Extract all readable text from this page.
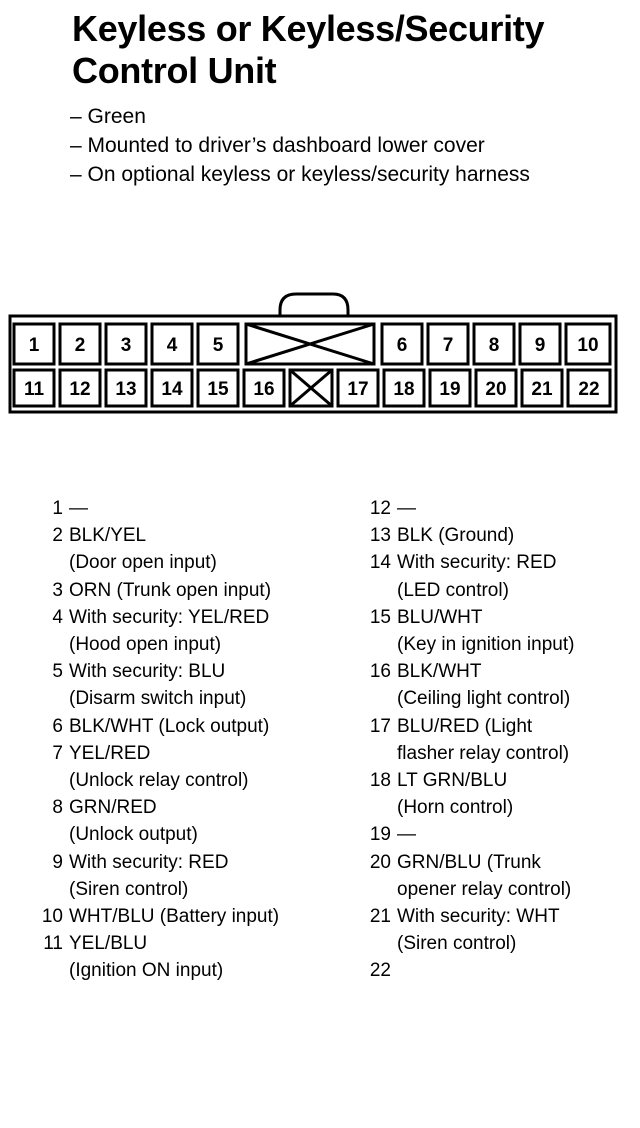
Keyless or Keyless/Security
Control Unit
– Green
– Mounted to driver’s dashboard lower cover
– On optional keyless or keyless/security harness
1 2 3 4 5	6 7 8 9 10
11 12 13 14 15 16	17 18 19 20 21 22
1 —
2 BLK/YEL
(Door open input)
3 ORN (Trunk open input)
4 With security: YEL/RED
(Hood open input)
5 With security: BLU
(Disarm switch input)
6 BLK/WHT (Lock output)
7 YEL/RED
(Unlock relay control)
8 GRN/RED
(Unlock output)
9 With security: RED
(Siren control)
10 WHT/BLU (Battery input)
11 YEL/BLU
(Ignition ON input)
12 —
13 BLK (Ground)
14 With security: RED
(LED control)
15 BLU/WHT
(Key in ignition input)
16 BLK/WHT
(Ceiling light control)
17 BLU/RED (Light
flasher relay control)
18 LT GRN/BLU
(Horn control)
19 —
20 GRN/BLU (Trunk
opener relay control)
21 With security: WHT
(Siren control)
22
